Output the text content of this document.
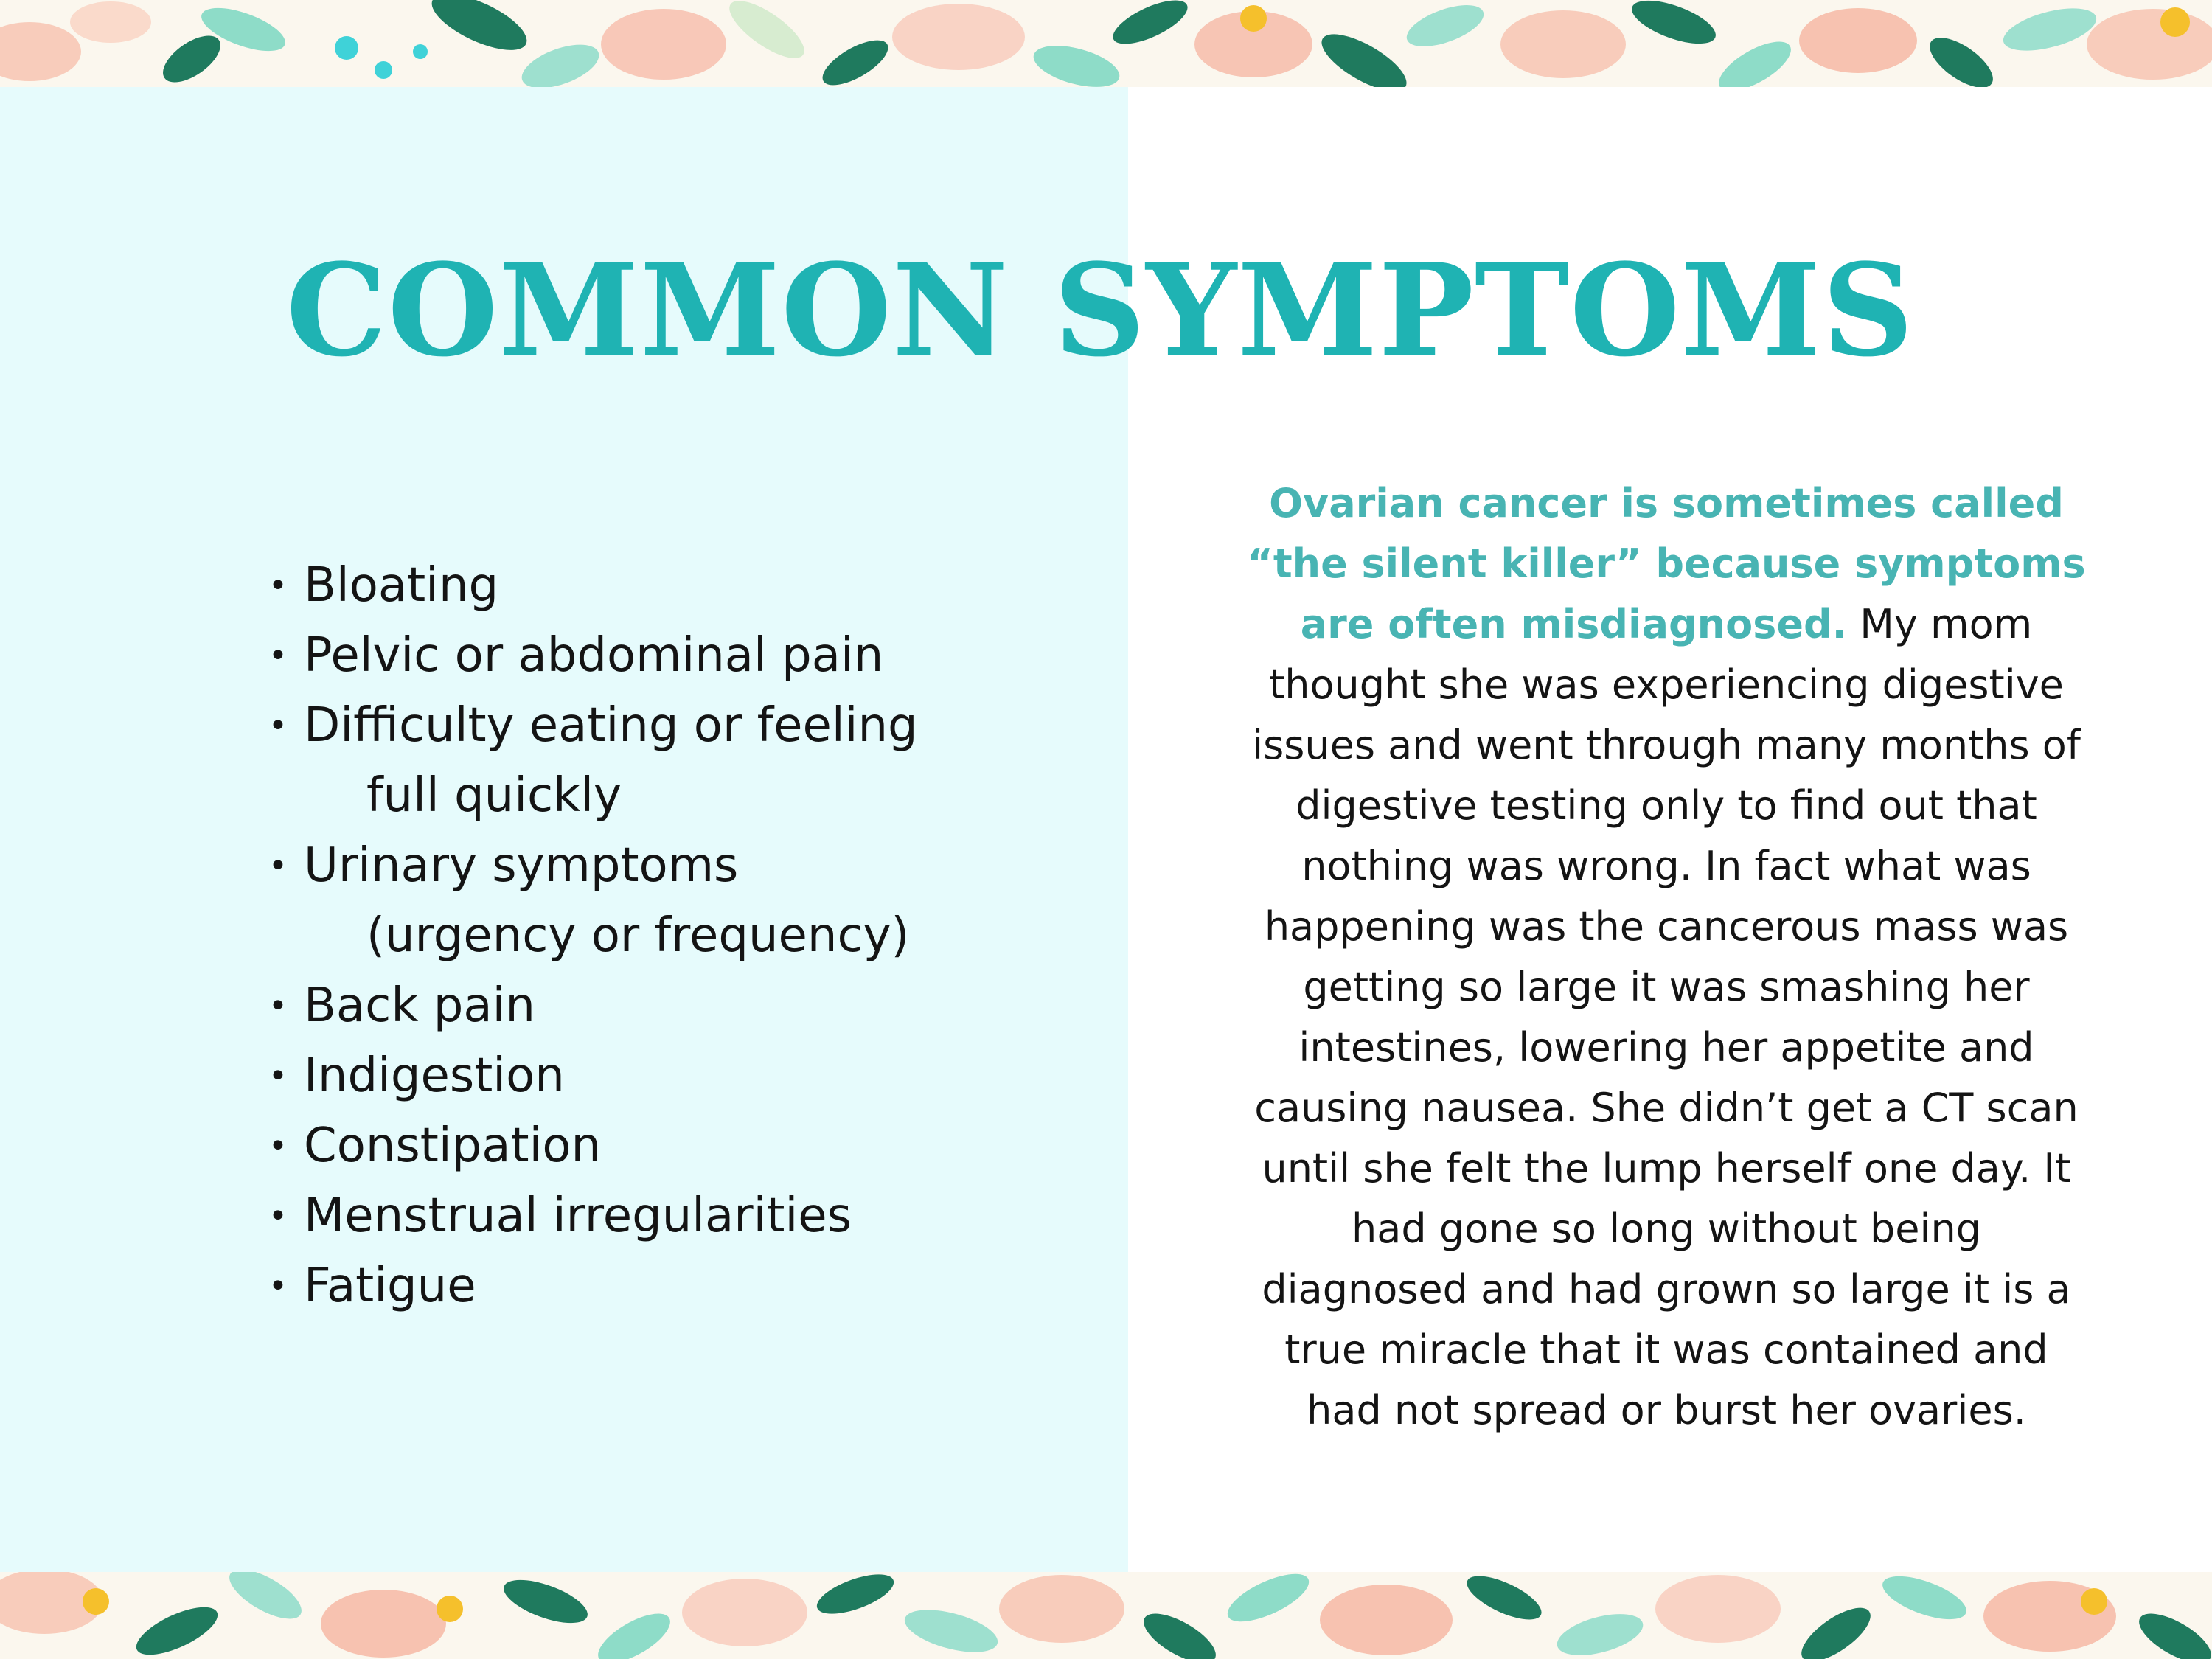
COMMON SYMPTOMS
• Bloating
• Pelvic or abdominal pain
• Difficulty eating or feeling
full quickly
• Urinary symptoms
(urgency or frequency)
• Back pain
• Indigestion
• Constipation
• Menstrual irregularities
• Fatigue
Ovarian cancer is sometimes called “the silent killer” because symptoms are often misdiagnosed. My mom thought she was experiencing digestive issues and went through many months of digestive testing only to find out that nothing was wrong. In fact what was happening was the cancerous mass was getting so large it was smashing her intestines, lowering her appetite and causing nausea. She didn’t get a CT scan until she felt the lump herself one day. It had gone so long without being diagnosed and had grown so large it is a true miracle that it was contained and had not spread or burst her ovaries.
